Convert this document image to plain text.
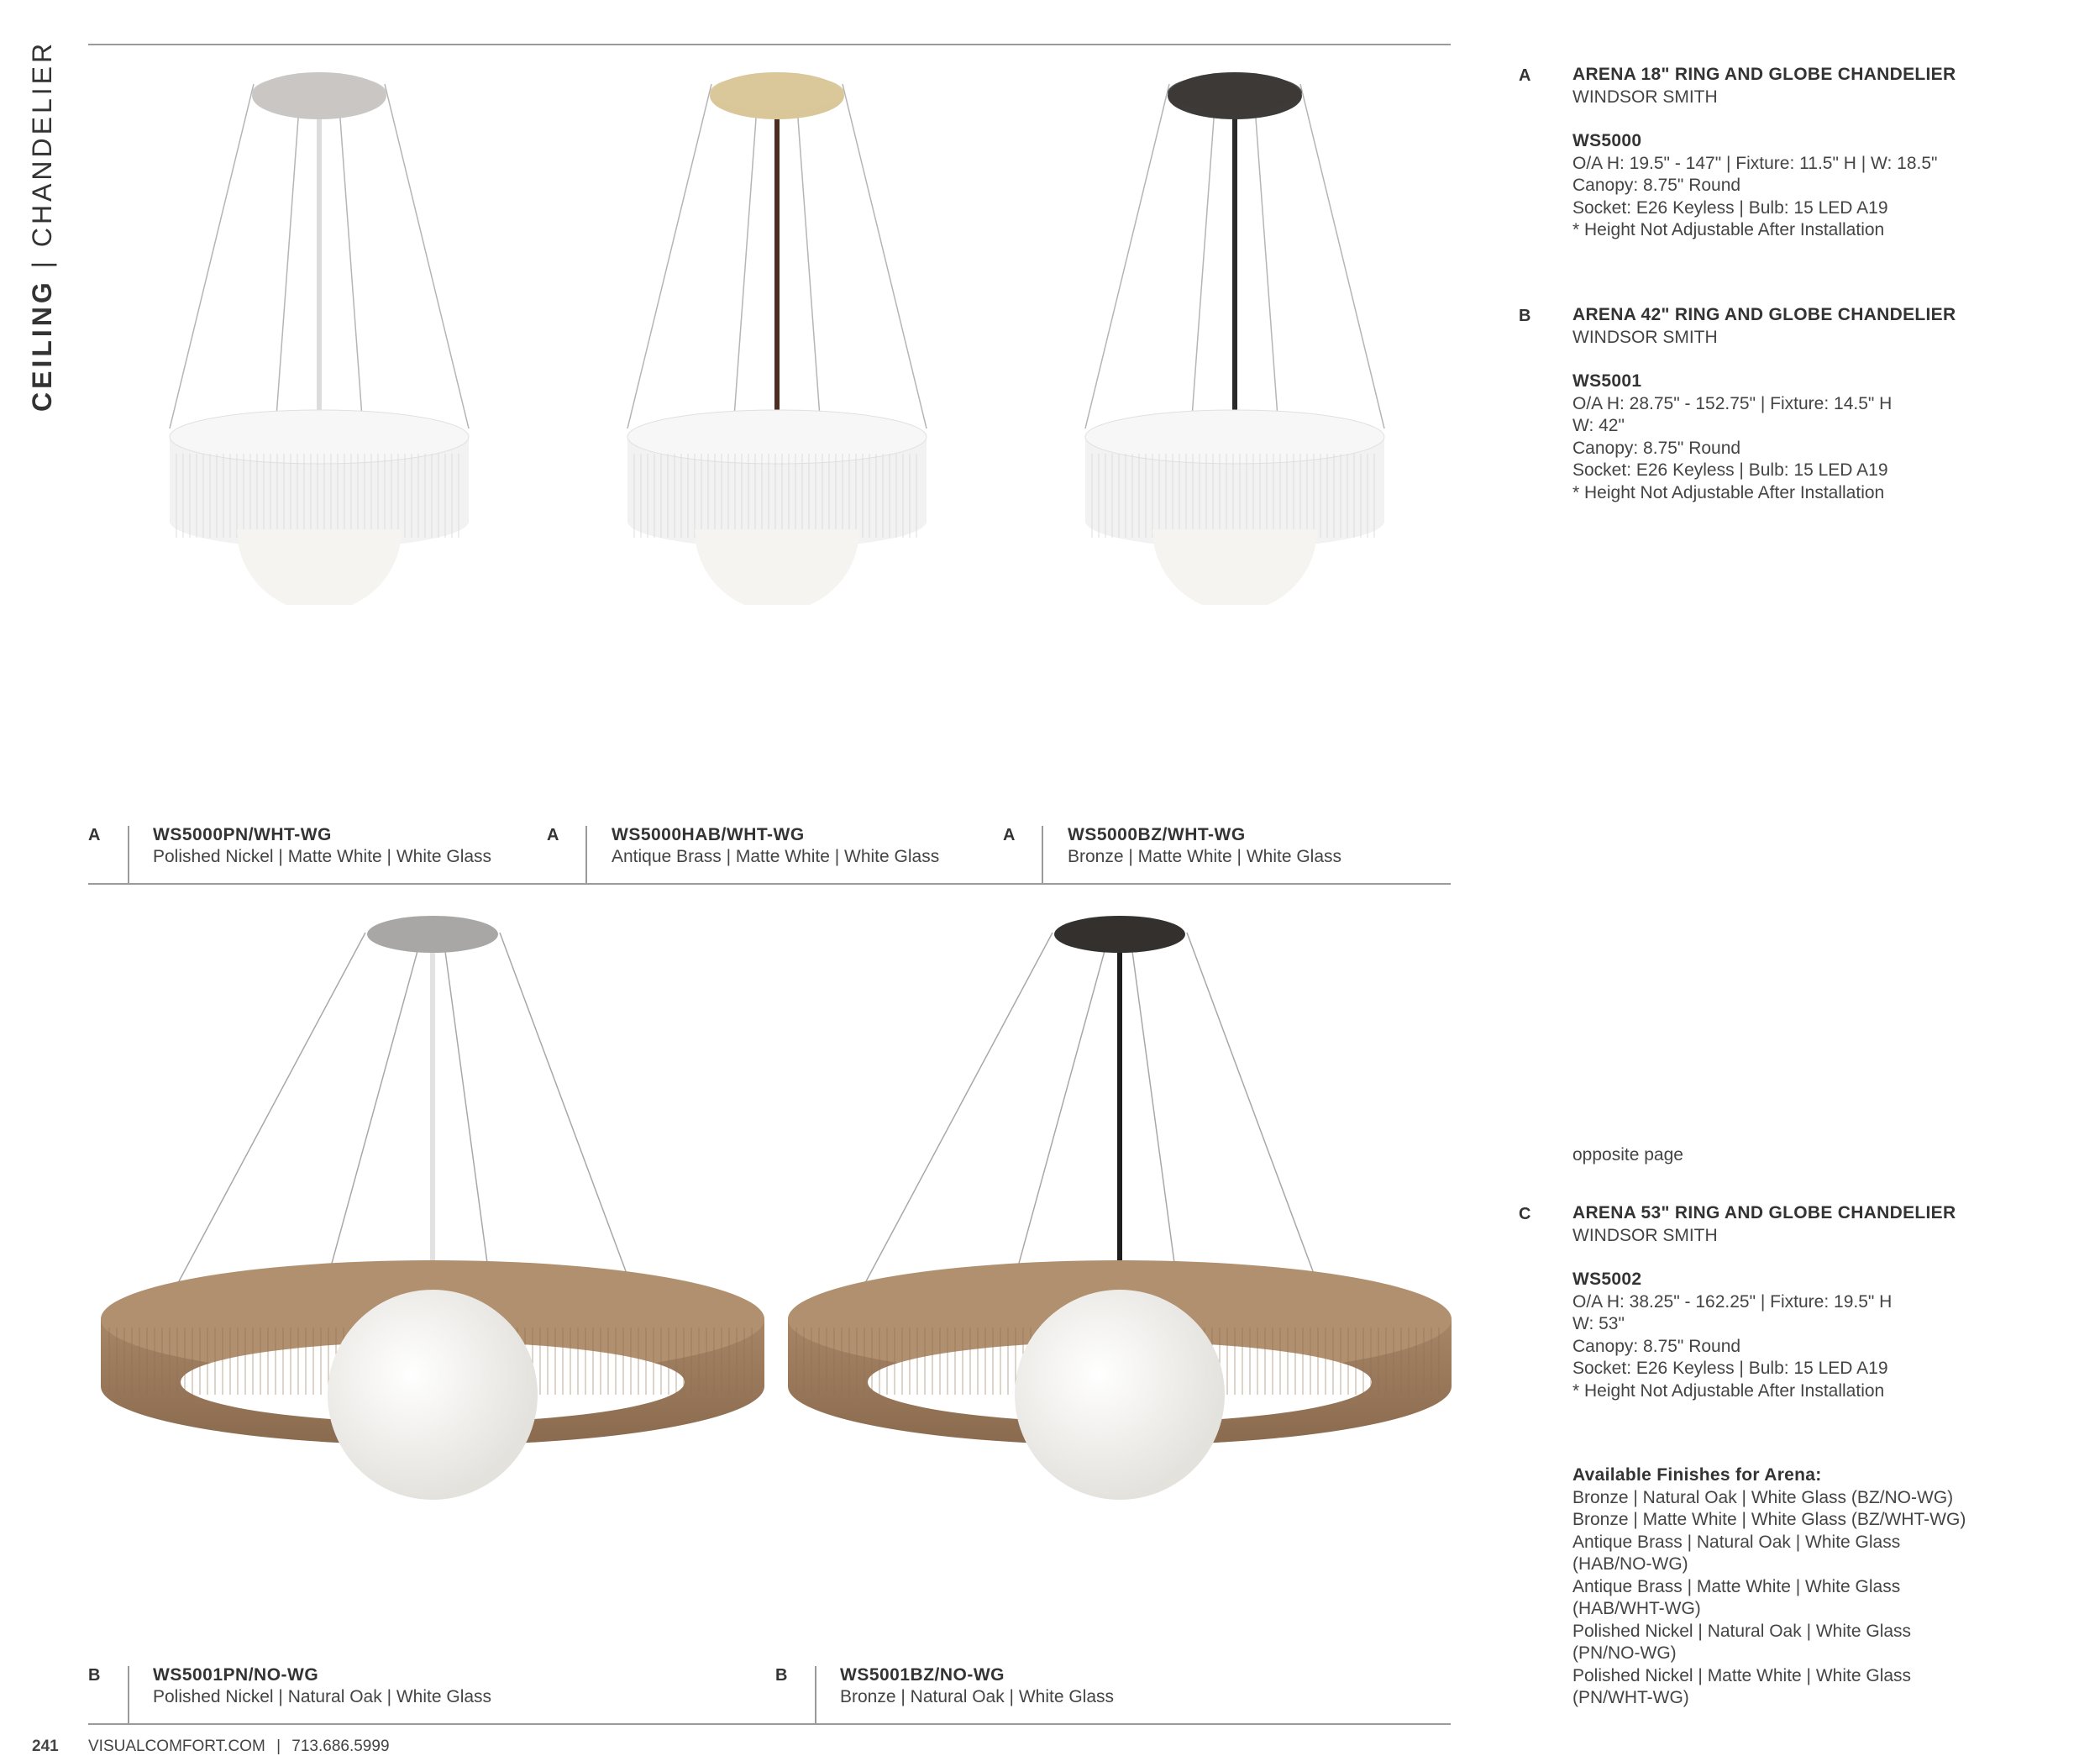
CEILING | CHANDELIER
A	WS5000PN/WHT-WG
Polished Nickel | Matte White | White Glass
A	WS5000HAB/WHT-WG
Antique Brass | Matte White | White Glass
A	WS5000BZ/WHT-WG
Bronze | Matte White | White Glass
B	WS5001PN/NO-WG
Polished Nickel | Natural Oak | White Glass
B	WS5001BZ/NO-WG
Bronze | Natural Oak | White Glass
A ARENA 18" RING AND GLOBE CHANDELIER
WINDSOR SMITH
WS5000
O/A H: 19.5" - 147" | Fixture: 11.5" H | W: 18.5"
Canopy: 8.75" Round
Socket: E26 Keyless | Bulb: 15 LED A19
* Height Not Adjustable After Installation
B ARENA 42" RING AND GLOBE CHANDELIER
WINDSOR SMITH
WS5001
O/A H: 28.75" - 152.75" | Fixture: 14.5" H
W: 42"
Canopy: 8.75" Round
Socket: E26 Keyless | Bulb: 15 LED A19
* Height Not Adjustable After Installation
opposite page
C ARENA 53" RING AND GLOBE CHANDELIER
WINDSOR SMITH
WS5002
O/A H: 38.25" - 162.25" | Fixture: 19.5" H
W: 53"
Canopy: 8.75" Round
Socket: E26 Keyless | Bulb: 15 LED A19
* Height Not Adjustable After Installation
Available Finishes for Arena:
Bronze | Natural Oak | White Glass (BZ/NO-WG)
Bronze | Matte White | White Glass (BZ/WHT-WG)
Antique Brass | Natural Oak | White Glass
(HAB/NO-WG)
Antique Brass | Matte White | White Glass
(HAB/WHT-WG)
Polished Nickel | Natural Oak | White Glass
(PN/NO-WG)
Polished Nickel | Matte White | White Glass
(PN/WHT-WG)
241 VISUALCOMFORT.COM | 713.686.5999
